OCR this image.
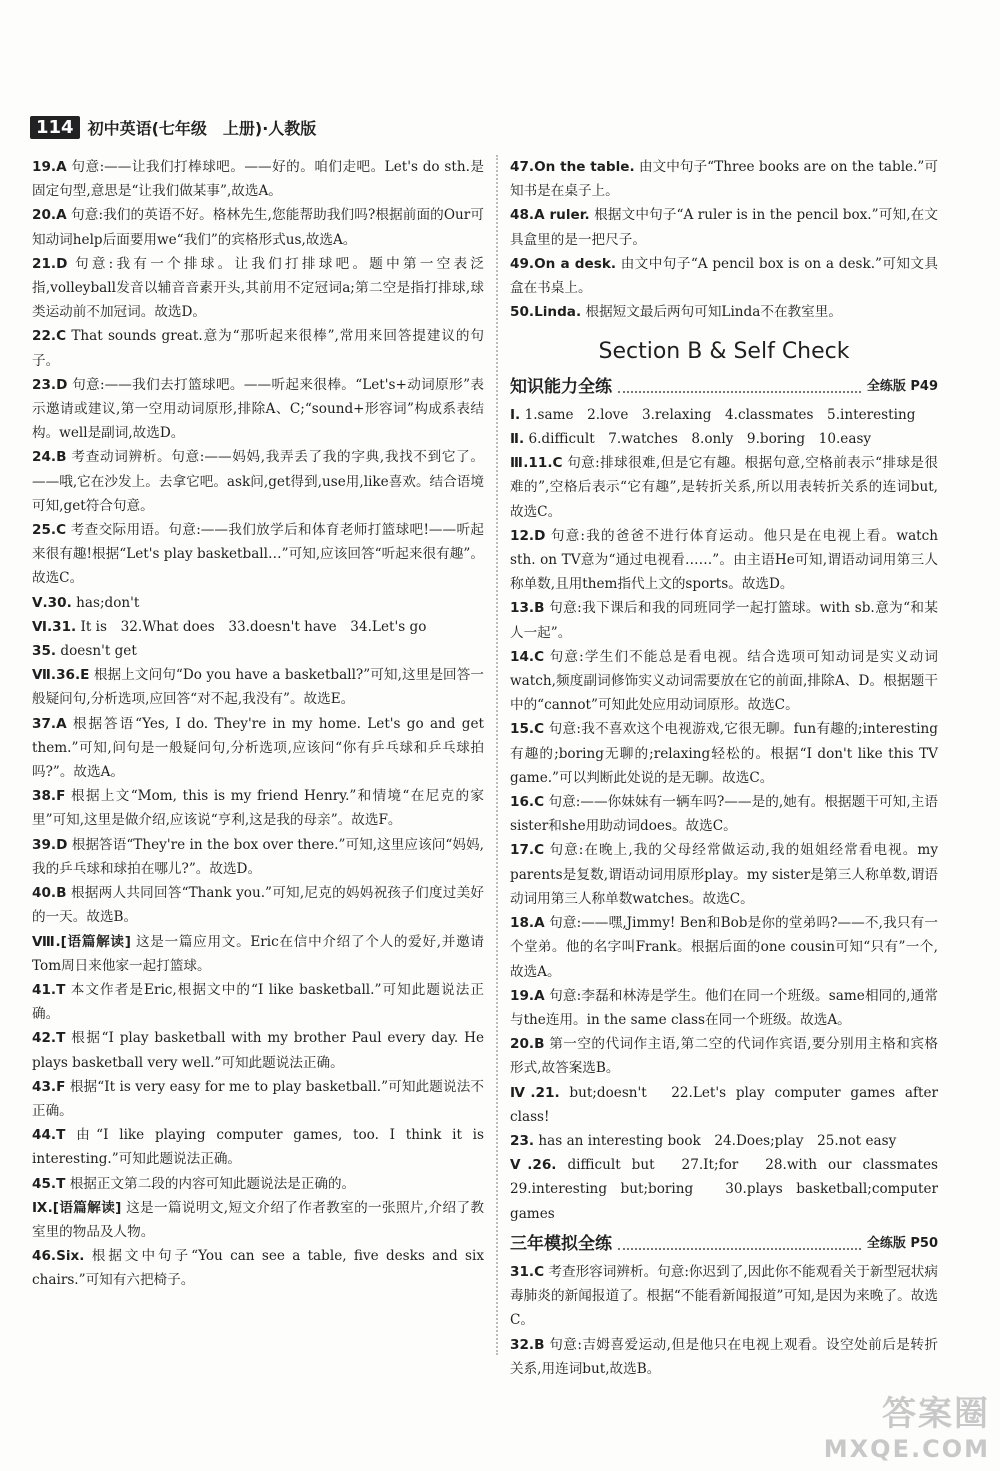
114 初中英语(七年级　上册)·人教版

19.A 句意:——让我们打棒球吧。——好的。咱们走吧。Let's do sth.是固定句型,意思是“让我们做某事”,故选A。

20.A 句意:我们的英语不好。格林先生,您能帮助我们吗?根据前面的Our可知动词help后面要用we“我们”的宾格形式us,故选A。

21.D 句意:我有一个排球。让我们打排球吧。题中第一空表泛指,volleyball发音以辅音音素开头,其前用不定冠词a;第二空是指打排球,球类运动前不加冠词。故选D。

22.C That sounds great.意为“那听起来很棒”,常用来回答提建议的句子。

23.D 句意:——我们去打篮球吧。——听起来很棒。“Let's+动词原形”表示邀请或建议,第一空用动词原形,排除A、C;“sound+形容词”构成系表结构。well是副词,故选D。

24.B 考查动词辨析。句意:——妈妈,我弄丢了我的字典,我找不到它了。——哦,它在沙发上。去拿它吧。ask问,get得到,use用,like喜欢。结合语境可知,get符合句意。

25.C 考查交际用语。句意:——我们放学后和体育老师打篮球吧!——听起来很有趣!根据“Let's play basketball…”可知,应该回答“听起来很有趣”。故选C。

Ⅴ.30. has;don't

Ⅵ.31. It is　32.What does　33.doesn't have　34.Let's go

35. doesn't get

Ⅶ.36.E 根据上文问句“Do you have a basketball?”可知,这里是回答一般疑问句,分析选项,应回答“对不起,我没有”。故选E。

37.A 根据答语“Yes, I do. They're in my home. Let's go and get them.”可知,问句是一般疑问句,分析选项,应该问“你有乒乓球和乒乓球拍吗?”。故选A。

38.F 根据上文“Mom, this is my friend Henry.”和情境“在尼克的家里”可知,这里是做介绍,应该说“亨利,这是我的母亲”。故选F。

39.D 根据答语“They're in the box over there.”可知,这里应该问“妈妈,我的乒乓球和球拍在哪儿?”。故选D。

40.B 根据两人共同回答“Thank you.”可知,尼克的妈妈祝孩子们度过美好的一天。故选B。

Ⅷ.[语篇解读] 这是一篇应用文。Eric在信中介绍了个人的爱好,并邀请Tom周日来他家一起打篮球。

41.T 本文作者是Eric,根据文中的“I like basketball.”可知此题说法正确。

42.T 根据“I play basketball with my brother Paul every day. He plays basketball very well.”可知此题说法正确。

43.F 根据“It is very easy for me to play basketball.”可知此题说法不正确。

44.T 由“I like playing computer games, too. I think it is interesting.”可知此题说法正确。

45.T 根据正文第二段的内容可知此题说法是正确的。

Ⅸ.[语篇解读] 这是一篇说明文,短文介绍了作者教室的一张照片,介绍了教室里的物品及人物。

46.Six. 根据文中句子“You can see a table, five desks and six chairs.”可知有六把椅子。

47.On the table. 由文中句子“Three books are on the table.”可知书是在桌子上。

48.A ruler. 根据文中句子“A ruler is in the pencil box.”可知,在文具盒里的是一把尺子。

49.On a desk. 由文中句子“A pencil box is on a desk.”可知文具盒在书桌上。

50.Linda. 根据短文最后两句可知Linda不在教室里。

Section B & Self Check
知识能力全练	全练版 P49

Ⅰ. 1.same　2.love　3.relaxing　4.classmates　5.interesting

Ⅱ. 6.difficult　7.watches　8.only　9.boring　10.easy

Ⅲ.11.C 句意:排球很难,但是它有趣。根据句意,空格前表示“排球是很难的”,空格后表示“它有趣”,是转折关系,所以用表转折关系的连词but,故选C。

12.D 句意:我的爸爸不进行体育运动。他只是在电视上看。watch sth. on TV意为“通过电视看……”。由主语He可知,谓语动词用第三人称单数,且用them指代上文的sports。故选D。

13.B 句意:我下课后和我的同班同学一起打篮球。with sb.意为“和某人一起”。

14.C 句意:学生们不能总是看电视。结合选项可知动词是实义动词watch,频度副词修饰实义动词需要放在它的前面,排除A、D。根据题干中的“cannot”可知此处应用动词原形。故选C。

15.C 句意:我不喜欢这个电视游戏,它很无聊。fun有趣的;interesting有趣的;boring无聊的;relaxing轻松的。根据“I don't like this TV game.”可以判断此处说的是无聊。故选C。

16.C 句意:——你妹妹有一辆车吗?——是的,她有。根据题干可知,主语sister和she用助动词does。故选C。

17.C 句意:在晚上,我的父母经常做运动,我的姐姐经常看电视。my parents是复数,谓语动词用原形play。my sister是第三人称单数,谓语动词用第三人称单数watches。故选C。

18.A 句意:——嘿,Jimmy! Ben和Bob是你的堂弟吗?——不,我只有一个堂弟。他的名字叫Frank。根据后面的one cousin可知“只有”一个,故选A。

19.A 句意:李磊和林涛是学生。他们在同一个班级。same相同的,通常与the连用。in the same class在同一个班级。故选A。

20.B 第一空的代词作主语,第二空的代词作宾语,要分别用主格和宾格形式,故答案选B。

Ⅳ.21. but;doesn't　22.Let's play computer games after class!

23. has an interesting book　24.Does;play　25.not easy

Ⅴ.26. difficult but　27.It;for　28.with our classmates　29.interesting but;boring　30.plays basketball;computer games

三年模拟全练	全练版 P50

31.C 考查形容词辨析。句意:你迟到了,因此你不能观看关于新型冠状病毒肺炎的新闻报道了。根据“不能看新闻报道”可知,是因为来晚了。故选C。

32.B 句意:吉姆喜爱运动,但是他只在电视上观看。设空处前后是转折关系,用连词but,故选B。

答案圈
MXQE.COM
